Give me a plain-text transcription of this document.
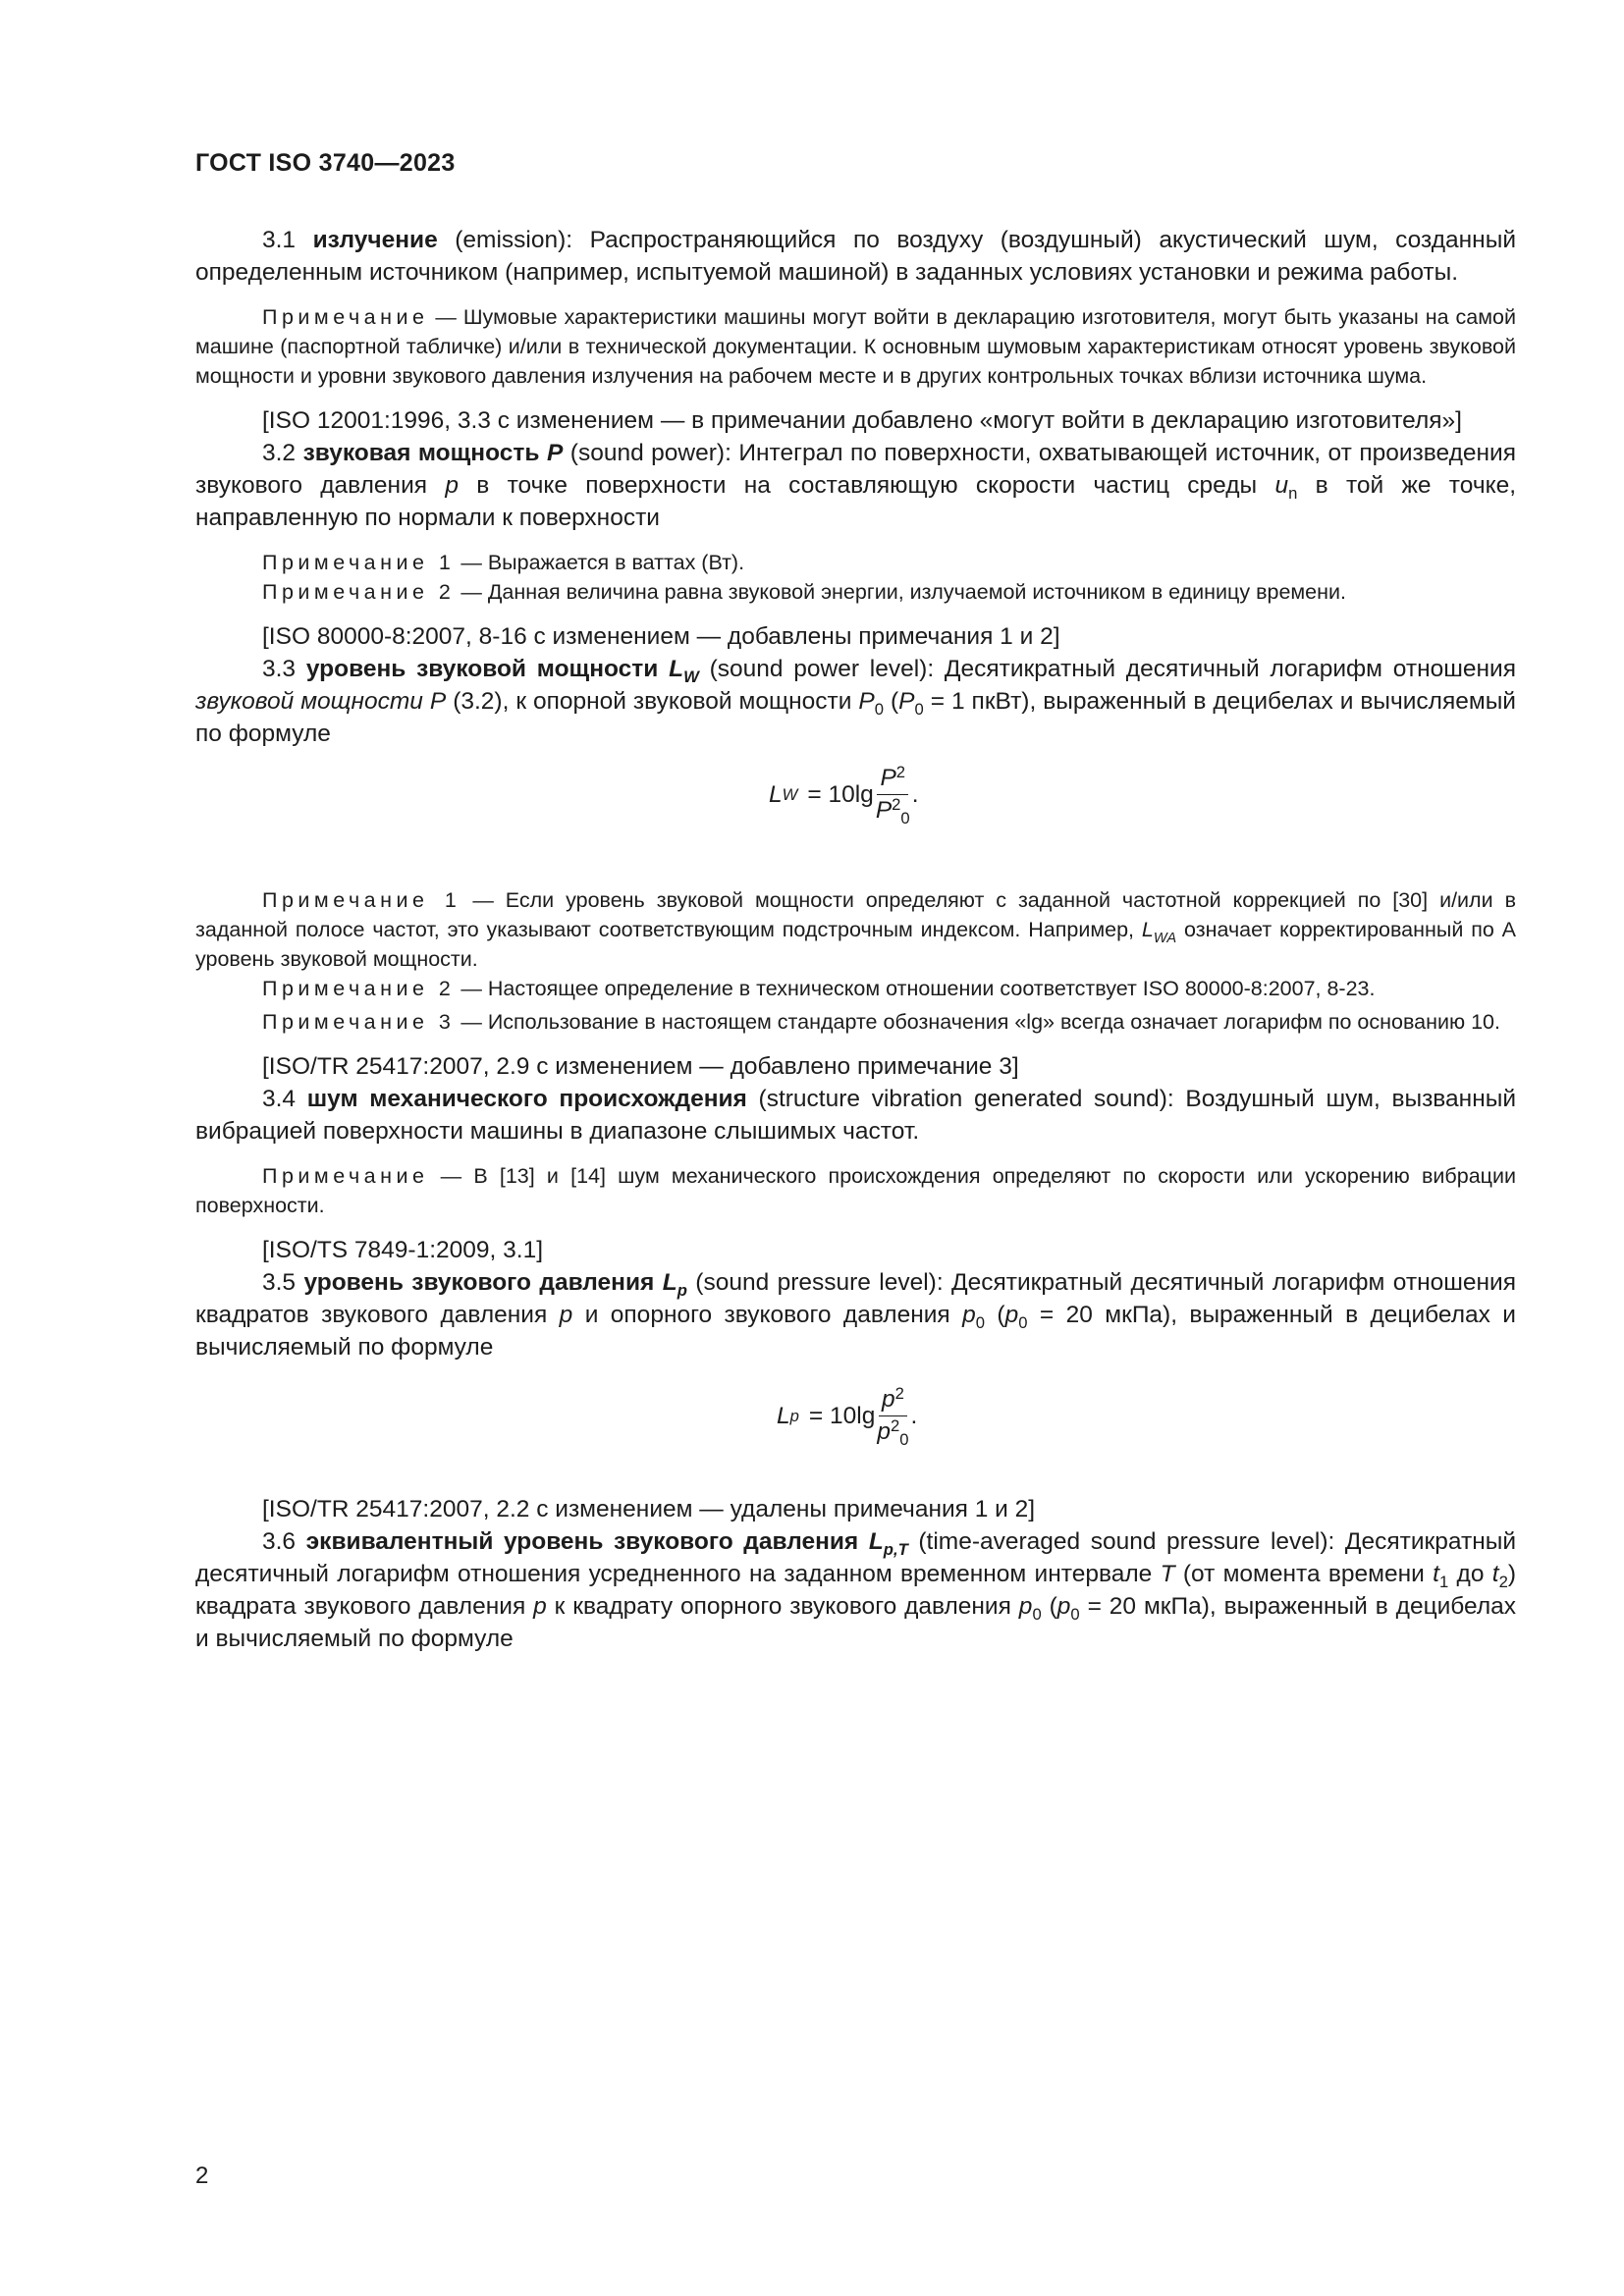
ГОСТ ISO 3740—2023

3.1 излучение (emission): Распространяющийся по воздуху (воздушный) акустический шум, созданный определенным источником (например, испытуемой машиной) в заданных условиях установки и режима работы.

Примечание — Шумовые характеристики машины могут войти в декларацию изготовителя, могут быть указаны на самой машине (паспортной табличке) и/или в технической документации. К основным шумовым характеристикам относят уровень звуковой мощности и уровни звукового давления излучения на рабочем месте и в других контрольных точках вблизи источника шума.

[ISO 12001:1996, 3.3 с изменением — в примечании добавлено «могут войти в декларацию изготовителя»]

3.2 звуковая мощность P (sound power): Интеграл по поверхности, охватывающей источник, от произведения звукового давления p в точке поверхности на составляющую скорости частиц среды $u_n$ в той же точке, направленную по нормали к поверхности

Примечание 1 — Выражается в ваттах (Вт).

Примечание 2 — Данная величина равна звуковой энергии, излучаемой источником в единицу времени.

[ISO 80000-8:2007, 8-16 с изменением — добавлены примечания 1 и 2]

3.3 уровень звуковой мощности $L_W$ (sound power level): Десятикратный десятичный логарифм отношения звуковой мощности P (3.2), к опорной звуковой мощности $P_0$ ($P_0 = 1$ пкВт), выраженный в децибелах и вычисляемый по формуле

L $W = 10\lg \frac{P^2}{P^2_0}$ .

Примечание 1 — Если уровень звуковой мощности определяют с заданной частотной коррекцией по [30] и/или в заданной полосе частот, это указывают соответствующим подстрочным индексом. Например, $L_{WA}$ означает корректированный по A уровень звуковой мощности.

Примечание 2 — Настоящее определение в техническом отношении соответствует ISO 80000-8:2007, 8-23.

Примечание 3 — Использование в настоящем стандарте обозначения «lg» всегда означает логарифм по основанию 10.

[ISO/TR 25417:2007, 2.9 с изменением — добавлено примечание 3]

3.4 шум механического происхождения (structure vibration generated sound): Воздушный шум, вызванный вибрацией поверхности машины в диапазоне слышимых частот.

Примечание — В [13] и [14] шум механического происхождения определяют по скорости или ускорению вибрации поверхности.

[ISO/TS 7849-1:2009, 3.1]

3.5 уровень звукового давления $L_p$ (sound pressure level): Десятикратный десятичный логарифм отношения квадратов звукового давления p и опорного звукового давления $p_0$ ($p_0 = 20$ мкПа), выраженный в децибелах и вычисляемый по формуле

L $p = 10\lg \frac{p^2}{p^2_0}$ .

[ISO/TR 25417:2007, 2.2 с изменением — удалены примечания 1 и 2]

3.6 эквивалентный уровень звукового давления $L_{p,T}$ (time-averaged sound pressure level): Десятикратный десятичный логарифм отношения усредненного на заданном временном интервале T (от момента времени $t_1$ до $t_2$) квадрата звукового давления p к квадрату опорного звукового давления $p_0$ ($p_0 = 20$ мкПа), выраженный в децибелах и вычисляемый по формуле

2
